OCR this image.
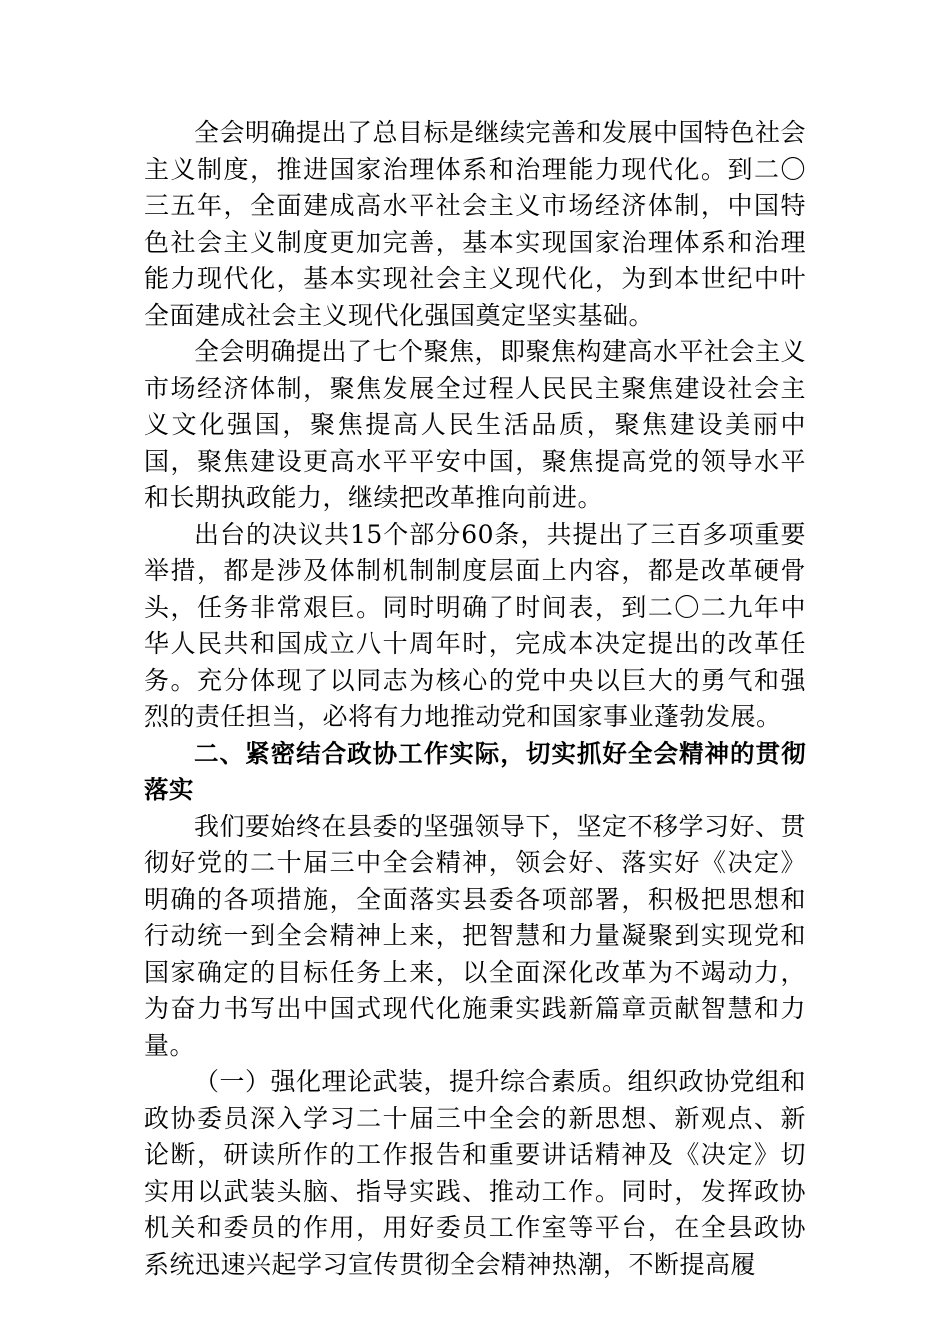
全会明确提出了总目标是继续完善和发展中国特色社会主义制度，推进国家治理体系和治理能力现代化。到二〇三五年，全面建成高水平社会主义市场经济体制，中国特色社会主义制度更加完善，基本实现国家治理体系和治理能力现代化，基本实现社会主义现代化，为到本世纪中叶全面建成社会主义现代化强国奠定坚实基础。

全会明确提出了七个聚焦，即聚焦构建高水平社会主义市场经济体制，聚焦发展全过程人民民主聚焦建设社会主义文化强国，聚焦提高人民生活品质，聚焦建设美丽中国，聚焦建设更高水平平安中国，聚焦提高党的领导水平和长期执政能力，继续把改革推向前进。

出台的决议共15个部分60条，共提出了三百多项重要举措，都是涉及体制机制制度层面上内容，都是改革硬骨头，任务非常艰巨。同时明确了时间表，到二〇二九年中华人民共和国成立八十周年时，完成本决定提出的改革任务。充分体现了以同志为核心的党中央以巨大的勇气和强烈的责任担当，必将有力地推动党和国家事业蓬勃发展。

二、紧密结合政协工作实际，切实抓好全会精神的贯彻落实

我们要始终在县委的坚强领导下，坚定不移学习好、贯彻好党的二十届三中全会精神，领会好、落实好《决定》明确的各项措施，全面落实县委各项部署，积极把思想和行动统一到全会精神上来，把智慧和力量凝聚到实现党和国家确定的目标任务上来，以全面深化改革为不竭动力，为奋力书写出中国式现代化施秉实践新篇章贡献智慧和力量。

（一）强化理论武装，提升综合素质。组织政协党组和政协委员深入学习二十届三中全会的新思想、新观点、新论断，研读所作的工作报告和重要讲话精神及《决定》切实用以武装头脑、指导实践、推动工作。同时，发挥政协机关和委员的作用，用好委员工作室等平台，在全县政协系统迅速兴起学习宣传贯彻全会精神热潮，不断提高履
